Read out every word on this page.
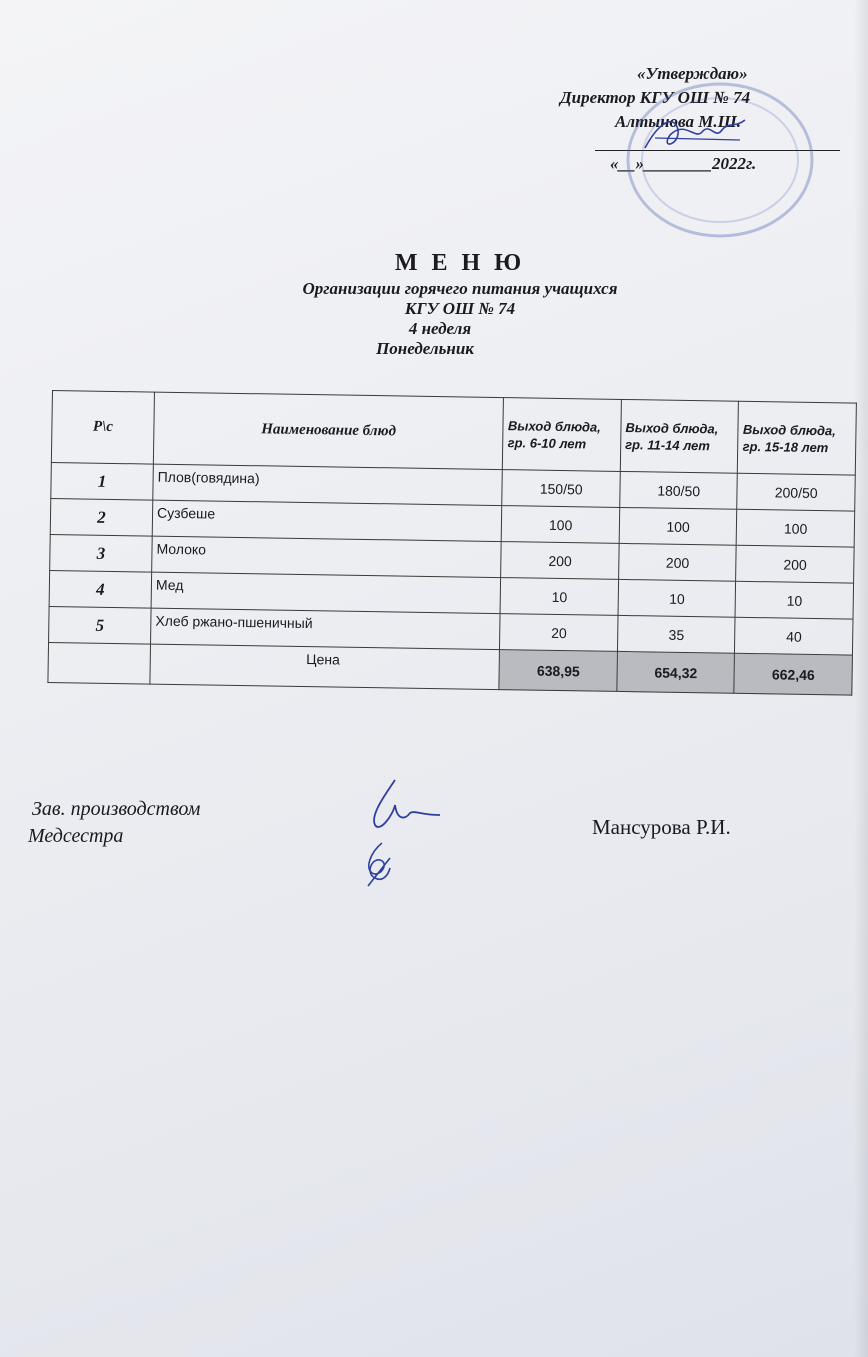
«Утверждаю»
Директор КГУ ОШ № 74
Алтынова М.Ш.
«__»________2022г.
М Е Н Ю
Организации горячего питания учащихся
КГУ ОШ № 74
4 неделя
Понедельник
Р\с	Наименование блюд	Выход блюда, гр. 6-10 лет	Выход блюда, гр. 11-14 лет	Выход блюда, гр. 15-18 лет
1	Плов(говядина)	150/50	180/50	200/50
2	Сузбеше	100	100	100
3	Молоко	200	200	200
4	Мед	10	10	10
5	Хлеб ржано-пшеничный	20	35	40
	Цена	638,95	654,32	662,46
Зав. производством
Медсестра	Мансурова Р.И.
